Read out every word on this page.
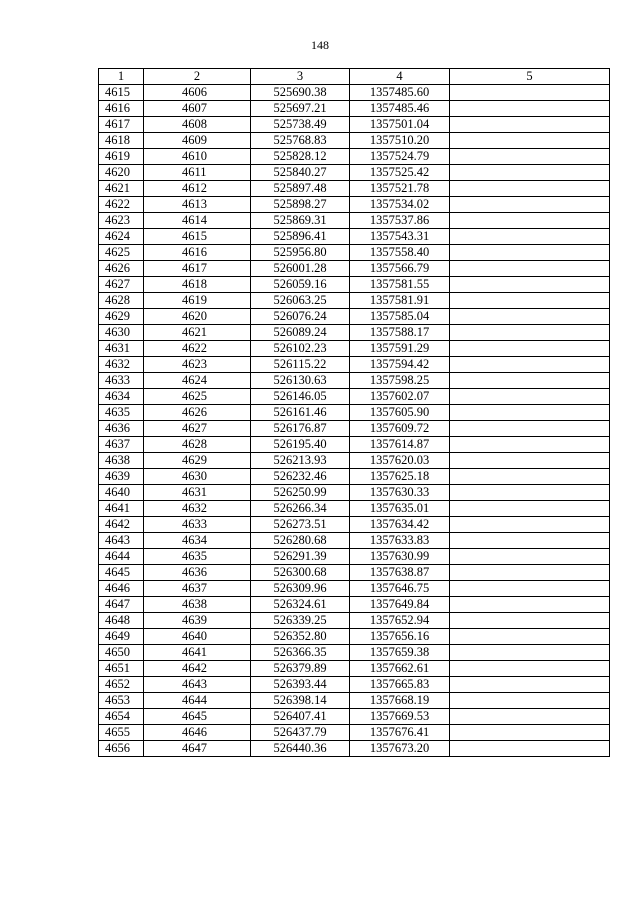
148
1	2	3	4	5
4615	4606	525690.38	1357485.60	
4616	4607	525697.21	1357485.46	
4617	4608	525738.49	1357501.04	
4618	4609	525768.83	1357510.20	
4619	4610	525828.12	1357524.79	
4620	4611	525840.27	1357525.42	
4621	4612	525897.48	1357521.78	
4622	4613	525898.27	1357534.02	
4623	4614	525869.31	1357537.86	
4624	4615	525896.41	1357543.31	
4625	4616	525956.80	1357558.40	
4626	4617	526001.28	1357566.79	
4627	4618	526059.16	1357581.55	
4628	4619	526063.25	1357581.91	
4629	4620	526076.24	1357585.04	
4630	4621	526089.24	1357588.17	
4631	4622	526102.23	1357591.29	
4632	4623	526115.22	1357594.42	
4633	4624	526130.63	1357598.25	
4634	4625	526146.05	1357602.07	
4635	4626	526161.46	1357605.90	
4636	4627	526176.87	1357609.72	
4637	4628	526195.40	1357614.87	
4638	4629	526213.93	1357620.03	
4639	4630	526232.46	1357625.18	
4640	4631	526250.99	1357630.33	
4641	4632	526266.34	1357635.01	
4642	4633	526273.51	1357634.42	
4643	4634	526280.68	1357633.83	
4644	4635	526291.39	1357630.99	
4645	4636	526300.68	1357638.87	
4646	4637	526309.96	1357646.75	
4647	4638	526324.61	1357649.84	
4648	4639	526339.25	1357652.94	
4649	4640	526352.80	1357656.16	
4650	4641	526366.35	1357659.38	
4651	4642	526379.89	1357662.61	
4652	4643	526393.44	1357665.83	
4653	4644	526398.14	1357668.19	
4654	4645	526407.41	1357669.53	
4655	4646	526437.79	1357676.41	
4656	4647	526440.36	1357673.20	
